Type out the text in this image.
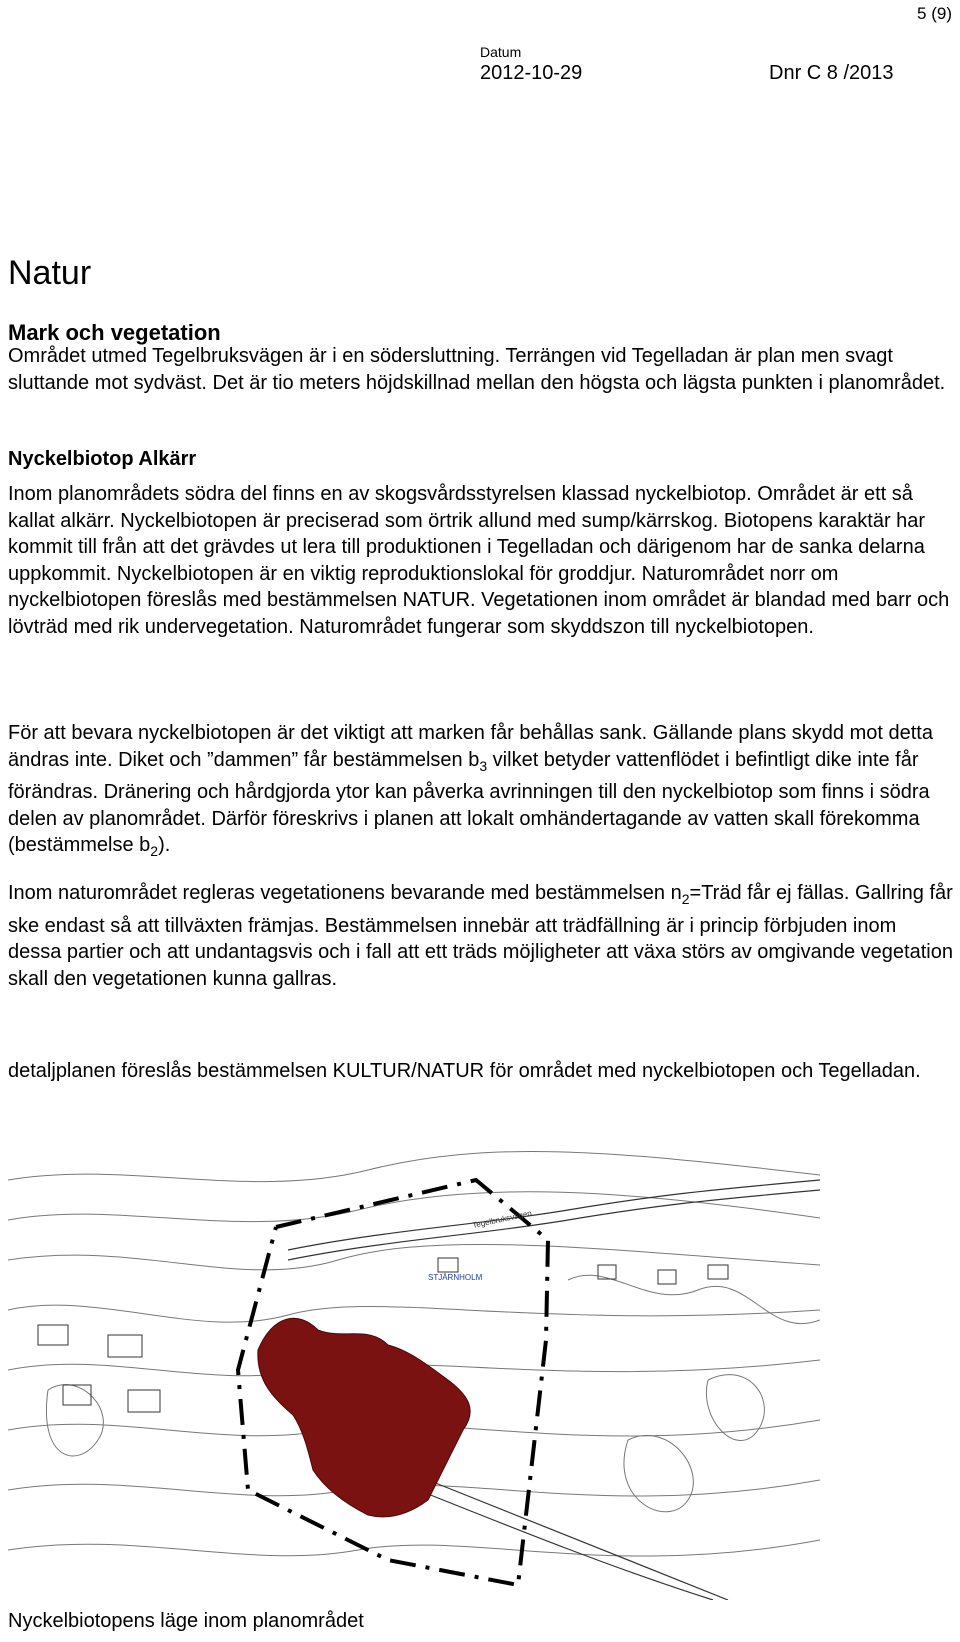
5 (9)
Datum
2012-10-29	Dnr C 8 /2013
Natur
Mark och vegetation
Området utmed Tegelbruksvägen är i en södersluttning. Terrängen vid Tegelladan är plan men svagt sluttande mot sydväst. Det är tio meters höjdskillnad mellan den högsta och lägsta punkten i planområdet.
Nyckelbiotop Alkärr
Inom planområdets södra del finns en av skogsvårdsstyrelsen klassad nyckelbiotop. Området är ett så kallat alkärr. Nyckelbiotopen är preciserad som örtrik allund med sump/kärrskog. Biotopens karaktär har kommit till från att det grävdes ut lera till produktionen i Tegelladan och därigenom har de sanka delarna uppkommit. Nyckelbiotopen är en viktig reproduktionslokal för groddjur. Naturområdet norr om nyckelbiotopen föreslås med bestämmelsen NATUR. Vegetationen inom området är blandad med barr och lövträd med rik undervegetation. Naturområdet fungerar som skyddszon till nyckelbiotopen.
För att bevara nyckelbiotopen är det viktigt att marken får behållas sank. Gällande plans skydd mot detta ändras inte. Diket och ”dammen” får bestämmelsen $b_3$ vilket betyder vattenflödet i befintligt dike inte får förändras. Dränering och hårdgjorda ytor kan påverka avrinningen till den nyckelbiotop som finns i södra delen av planområdet. Därför föreskrivs i planen att lokalt omhändertagande av vatten skall förekomma (bestämmelse $b_2$).
Inom naturområdet regleras vegetationens bevarande med bestämmelsen $n_2=Träd$ får ej fällas. Gallring får ske endast så att tillväxten främjas. Bestämmelsen innebär att trädfällning är i princip förbjuden inom dessa partier och att undantagsvis och i fall att ett träds möjligheter att växa störs av omgivande vegetation skall den vegetationen kunna gallras.
detaljplanen föreslås bestämmelsen KULTUR/NATUR för området med nyckelbiotopen och Tegelladan.
Tegelbruksvägen
STJÄRNHOLM
Nyckelbiotopens läge inom planområdet
